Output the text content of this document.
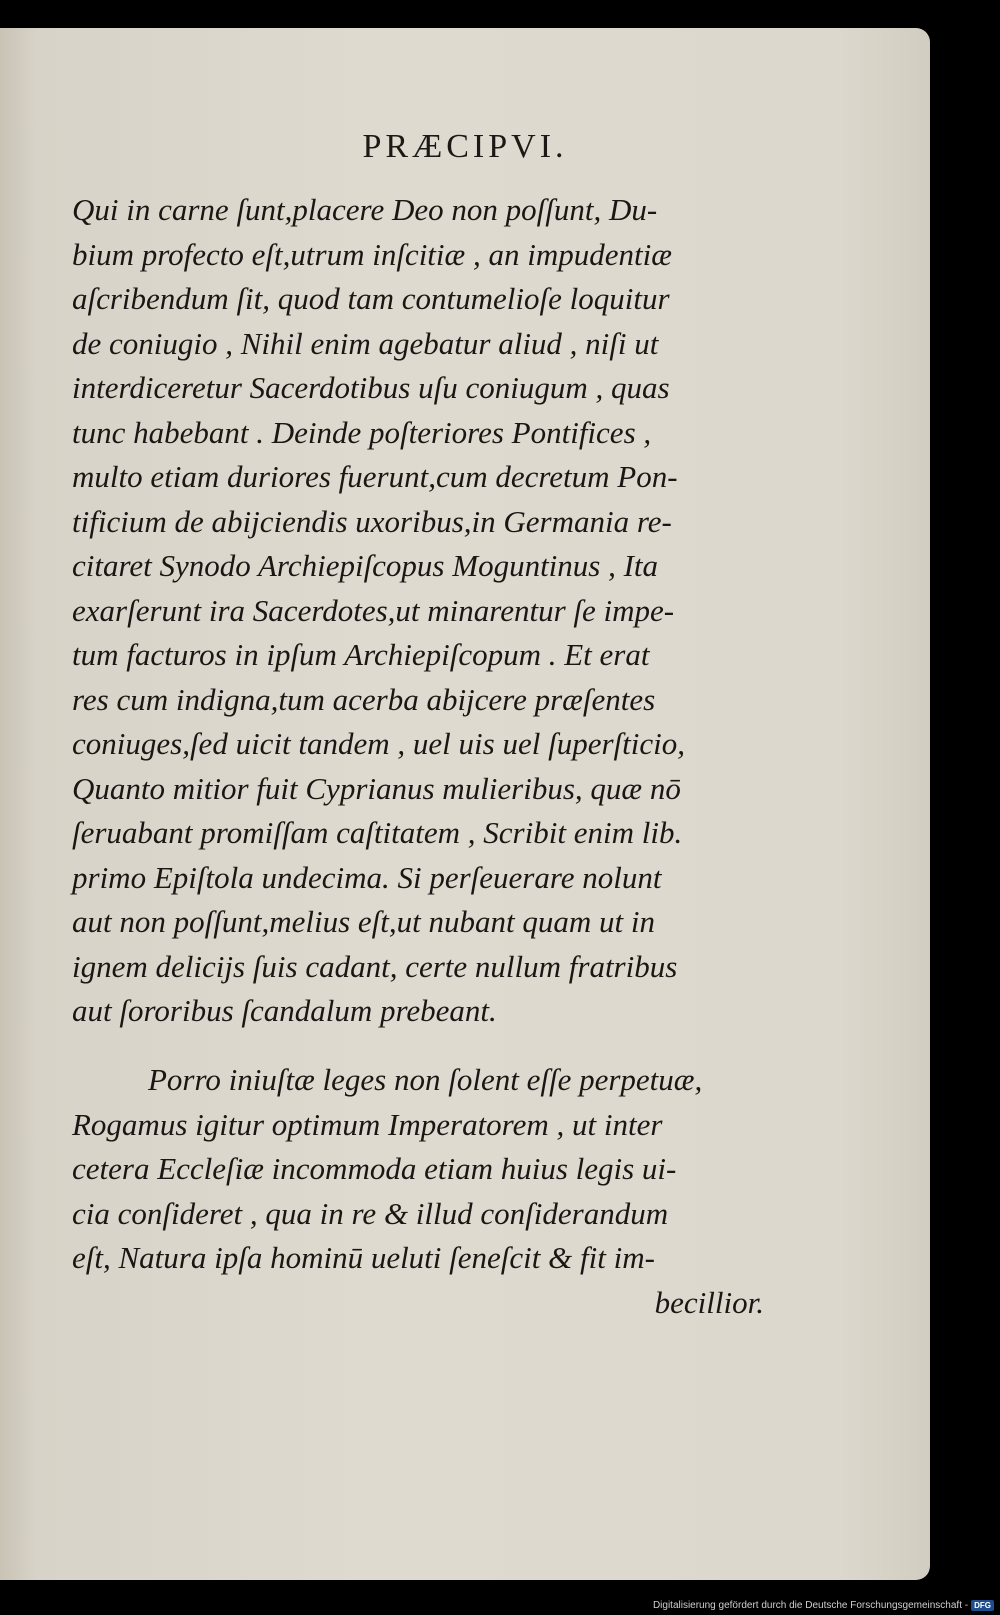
PRÆCIPVI.
Qui in carne ſunt,placere Deo non poſſunt, Du-
bium profecto eſt,utrum inſcitiæ , an impudentiæ
aſcribendum ſit, quod tam contumelioſe loquitur
de coniugio , Nihil enim agebatur aliud , niſi ut
interdiceretur Sacerdotibus uſu coniugum , quas
tunc habebant . Deinde poſteriores Pontifices ,
multo etiam duriores fuerunt,cum decretum Pon-
tificium de abijciendis uxoribus,in Germania re-
citaret Synodo Archiepiſcopus Moguntinus , Ita
exarſerunt ira Sacerdotes,ut minarentur ſe impe-
tum facturos in ipſum Archiepiſcopum . Et erat
res cum indigna,tum acerba abijcere præſentes
coniuges,ſed uicit tandem , uel uis uel ſuperſticio,
Quanto mitior fuit Cyprianus mulieribus, quæ nō
ſeruabant promiſſam caſtitatem , Scribit enim lib.
primo Epiſtola undecima. Si perſeuerare nolunt
aut non poſſunt,melius eſt,ut nubant quam ut in
ignem delicijs ſuis cadant, certe nullum fratribus
aut ſororibus ſcandalum prebeant.
Porro iniuſtæ leges non ſolent eſſe perpetuæ,
Rogamus igitur optimum Imperatorem , ut inter
cetera Eccleſiæ incommoda etiam huius legis ui-
cia conſideret , qua in re & illud conſiderandum
eſt, Natura ipſa hominū ueluti ſeneſcit & fit im-
becillior.
Digitalisierung gefördert durch die Deutsche Forschungsgemeinschaft - DFG
